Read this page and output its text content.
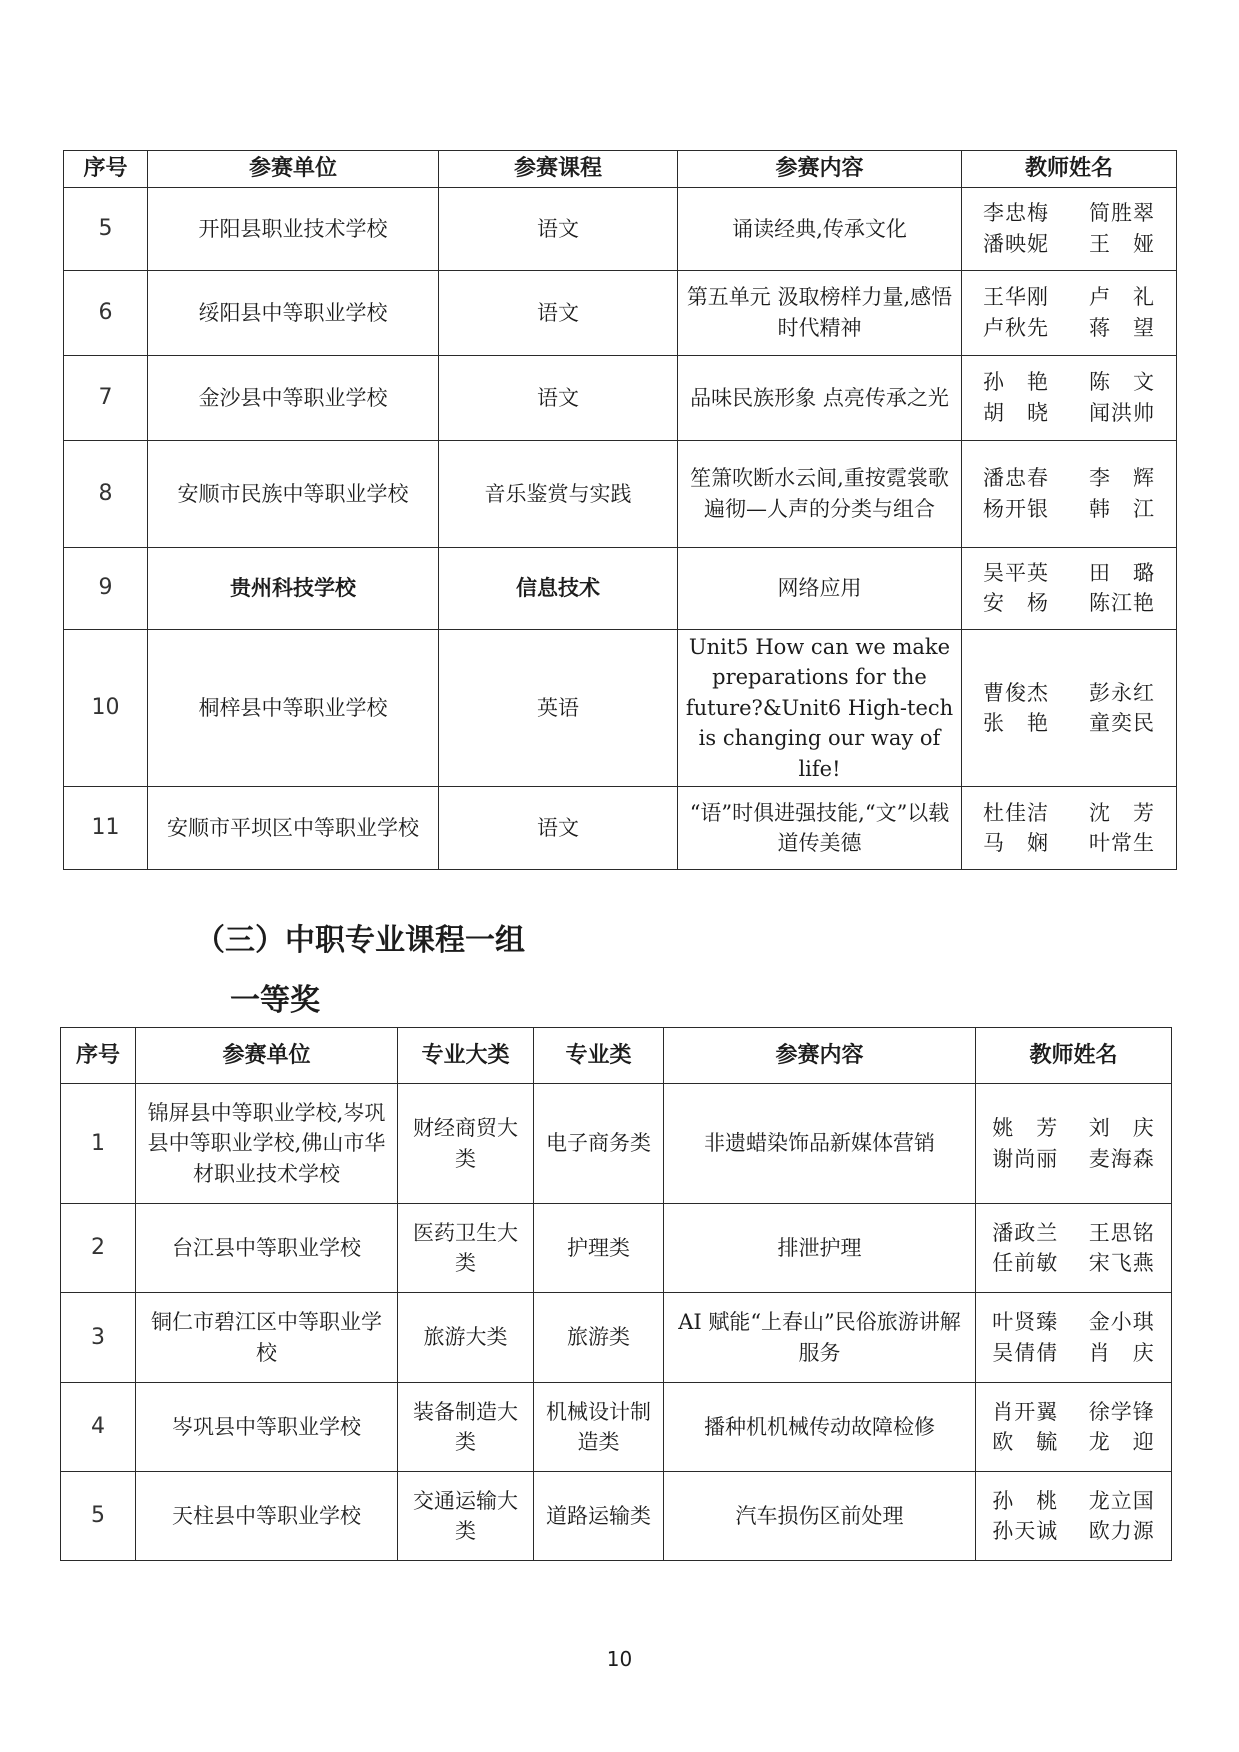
序号	参赛单位	参赛课程	参赛内容	教师姓名
5	开阳县职业技术学校	语文	诵读经典,传承文化	李忠梅 简胜翠
潘映妮 王　娅

6	绥阳县中等职业学校	语文	第五单元 汲取榜样力量,感悟时代精神	王华刚 卢　礼
卢秋先 蒋　望

7	金沙县中等职业学校	语文	品味民族形象 点亮传承之光	孙　艳 陈　文
胡　晓 闻洪帅

8	安顺市民族中等职业学校	音乐鉴赏与实践	笙箫吹断水云间,重按霓裳歌遍彻—人声的分类与组合	潘忠春 李　辉
杨开银 韩　江

9	贵州科技学校	信息技术	网络应用	吴平英 田　璐
安　杨 陈江艳

10	桐梓县中等职业学校	英语	Unit5 How can we make preparations for the future?&Unit6 High-tech is changing our way of life!	曹俊杰 彭永红
张　艳 童奕民

11	安顺市平坝区中等职业学校	语文	“语”时俱进强技能,“文”以载道传美德	杜佳洁 沈　芳
马　娴 叶常生
（三）中职专业课程一组
一等奖
序号	参赛单位	专业大类	专业类	参赛内容	教师姓名
1	锦屏县中等职业学校,岑巩县中等职业学校,佛山市华材职业技术学校	财经商贸大类	电子商务类	非遗蜡染饰品新媒体营销	姚　芳 刘　庆
谢尚丽 麦海森

2	台江县中等职业学校	医药卫生大类	护理类	排泄护理	潘政兰 王思铭
任前敏 宋飞燕

3	铜仁市碧江区中等职业学校	旅游大类	旅游类	AI 赋能“上春山”民俗旅游讲解服务	叶贤臻 金小琪
吴倩倩 肖　庆

4	岑巩县中等职业学校	装备制造大类	机械设计制造类	播种机机械传动故障检修	肖开翼 徐学锋
欧　毓 龙　迎

5	天柱县中等职业学校	交通运输大类	道路运输类	汽车损伤区前处理	孙　桃 龙立国
孙天诚 欧力源
10
